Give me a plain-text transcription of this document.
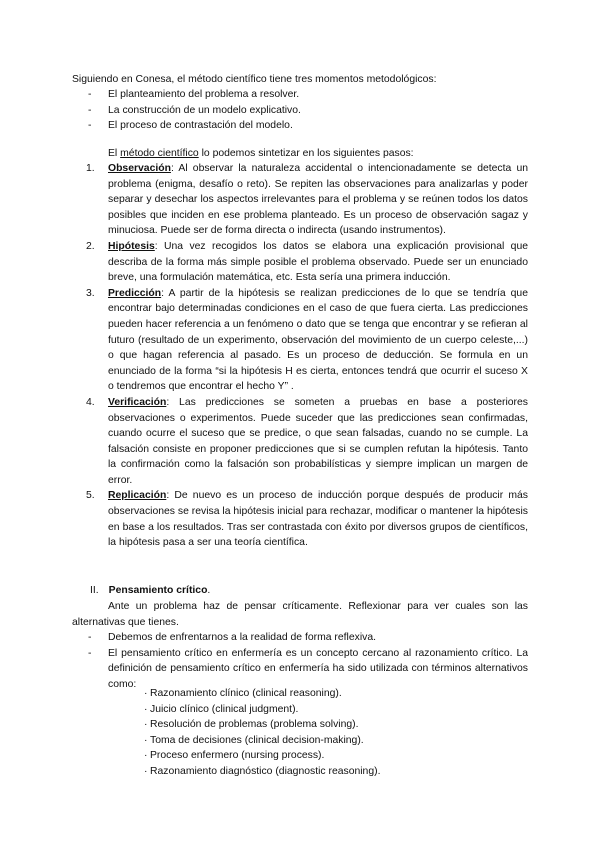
Siguiendo en Conesa, el método científico tiene tres momentos metodológicos:

- El planteamiento del problema a resolver.
- La construcción de un modelo explicativo.
- El proceso de contrastación del modelo.

El método científico lo podemos sintetizar en los siguientes pasos:

1. Observación: Al observar la naturaleza accidental o intencionadamente se detecta un problema (enigma, desafío o reto). Se repiten las observaciones para analizarlas y poder separar y desechar los aspectos irrelevantes para el problema y se reúnen todos los datos posibles que inciden en ese problema planteado. Es un proceso de observación sagaz y minuciosa. Puede ser de forma directa o indirecta (usando instrumentos).
2. Hipótesis: Una vez recogidos los datos se elabora una explicación provisional que describa de la forma más simple posible el problema observado. Puede ser un enunciado breve, una formulación matemática, etc. Esta sería una primera inducción.
3. Predicción: A partir de la hipótesis se realizan predicciones de lo que se tendría que encontrar bajo determinadas condiciones en el caso de que fuera cierta. Las predicciones pueden hacer referencia a un fenómeno o dato que se tenga que encontrar y se refieran al futuro (resultado de un experimento, observación del movimiento de un cuerpo celeste,...) o que hagan referencia al pasado. Es un proceso de deducción. Se formula en un enunciado de la forma “si la hipótesis H es cierta, entonces tendrá que ocurrir el suceso X o tendremos que encontrar el hecho Y” .
4. Verificación: Las predicciones se someten a pruebas en base a posteriores observaciones o experimentos. Puede suceder que las predicciones sean confirmadas, cuando ocurre el suceso que se predice, o que sean falsadas, cuando no se cumple. La falsación consiste en proponer predicciones que si se cumplen refutan la hipótesis. Tanto la confirmación como la falsación son probabilísticas y siempre implican un margen de error.
5. Replicación: De nuevo es un proceso de inducción porque después de producir más observaciones se revisa la hipótesis inicial para rechazar, modificar o mantener la hipótesis en base a los resultados. Tras ser contrastada con éxito por diversos grupos de científicos, la hipótesis pasa a ser una teoría científica.

II. Pensamiento crítico.

Ante un problema haz de pensar críticamente. Reflexionar para ver cuales son las alternativas que tienes.

- Debemos de enfrentarnos a la realidad de forma reflexiva.
- El pensamiento crítico en enfermería es un concepto cercano al razonamiento crítico. La definición de pensamiento crítico en enfermería ha sido utilizada con términos alternativos como:
· Razonamiento clínico (clinical reasoning).
· Juicio clínico (clinical judgment).
· Resolución de problemas (problema solving).
· Toma de decisiones (clinical decision-making).
· Proceso enfermero (nursing process).
· Razonamiento diagnóstico (diagnostic reasoning).
